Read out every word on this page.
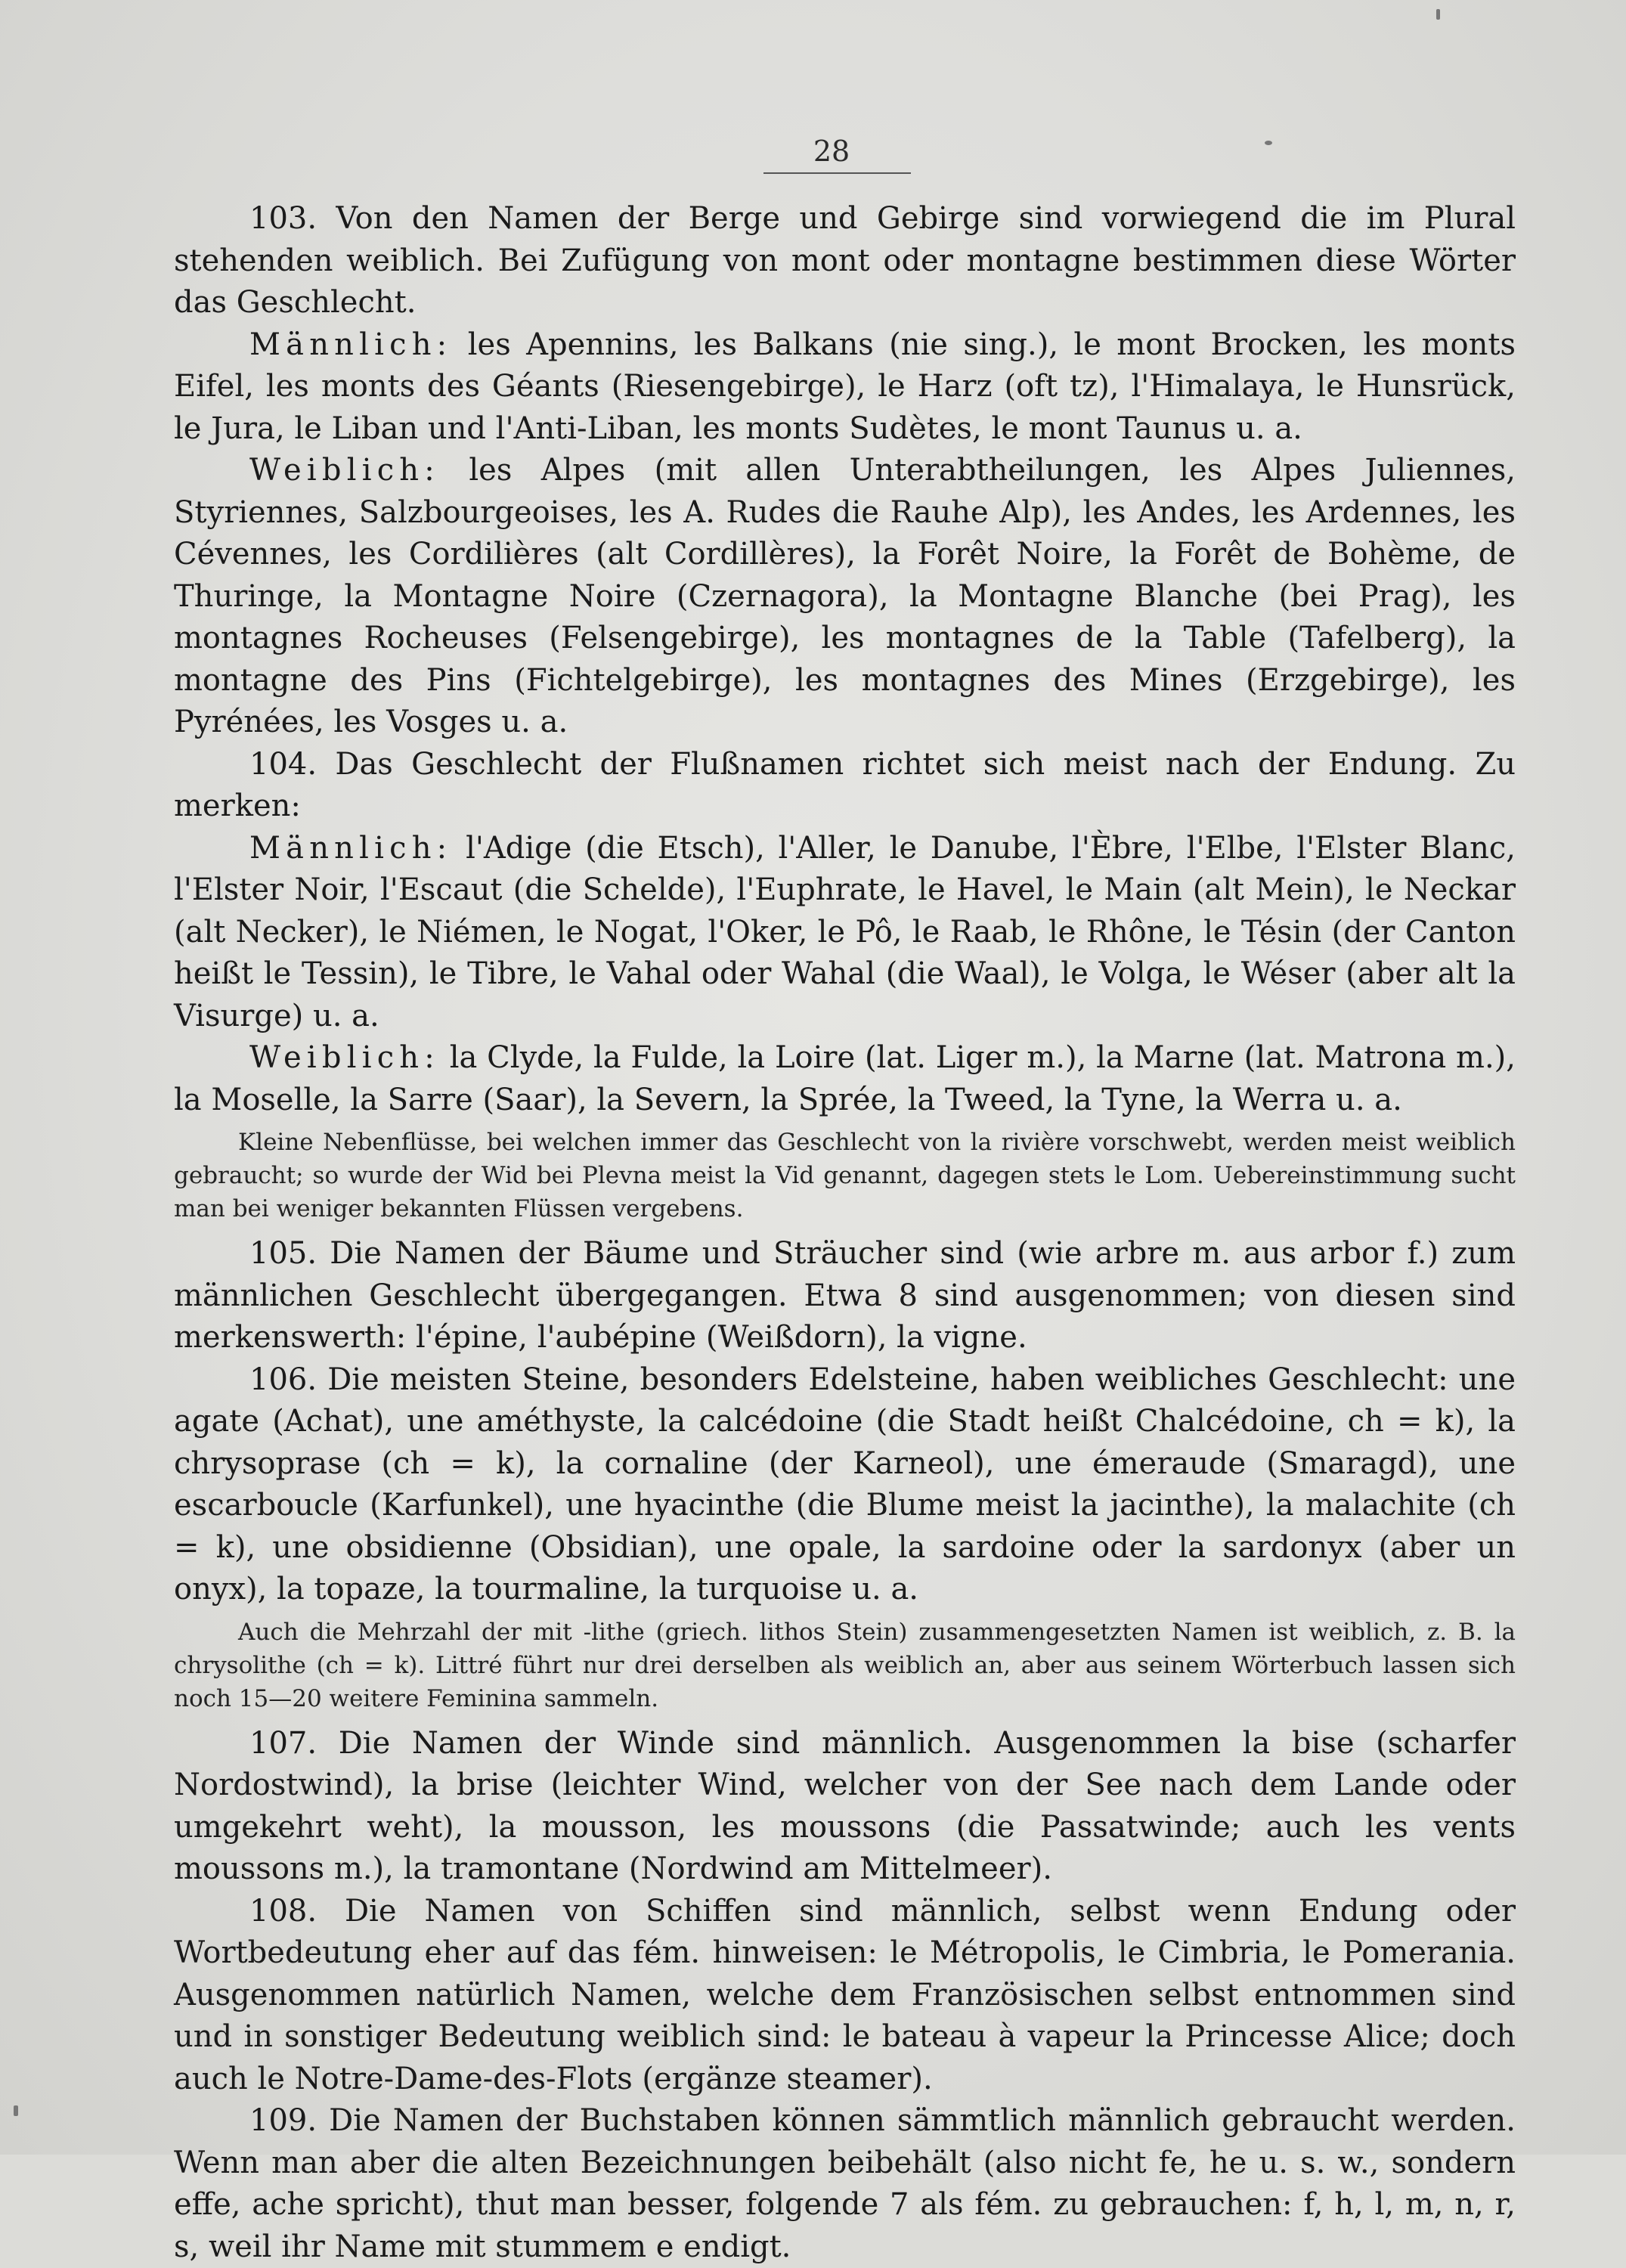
28

103. Von den Namen der Berge und Gebirge sind vorwiegend die im Plural stehenden weiblich. Bei Zufügung von mont oder montagne bestimmen diese Wörter das Geschlecht.

Männlich: les Apennins, les Balkans (nie sing.), le mont Brocken, les monts Eifel, les monts des Géants (Riesengebirge), le Harz (oft tz), l'Himalaya, le Hunsrück, le Jura, le Liban und l'Anti-Liban, les monts Sudètes, le mont Taunus u. a.

Weiblich: les Alpes (mit allen Unterabtheilungen, les Alpes Juliennes, Styriennes, Salzbourgeoises, les A. Rudes die Rauhe Alp), les Andes, les Ardennes, les Cévennes, les Cordilières (alt Cordillères), la Forêt Noire, la Forêt de Bohème, de Thuringe, la Montagne Noire (Czernagora), la Montagne Blanche (bei Prag), les montagnes Rocheuses (Felsengebirge), les montagnes de la Table (Tafelberg), la montagne des Pins (Fichtelgebirge), les montagnes des Mines (Erzgebirge), les Pyrénées, les Vosges u. a.

104. Das Geschlecht der Flußnamen richtet sich meist nach der Endung. Zu merken:

Männlich: l'Adige (die Etsch), l'Aller, le Danube, l'Èbre, l'Elbe, l'Elster Blanc, l'Elster Noir, l'Escaut (die Schelde), l'Euphrate, le Havel, le Main (alt Mein), le Neckar (alt Necker), le Niémen, le Nogat, l'Oker, le Pô, le Raab, le Rhône, le Tésin (der Canton heißt le Tessin), le Tibre, le Vahal oder Wahal (die Waal), le Volga, le Wéser (aber alt la Visurge) u. a.

Weiblich: la Clyde, la Fulde, la Loire (lat. Liger m.), la Marne (lat. Matrona m.), la Moselle, la Sarre (Saar), la Severn, la Sprée, la Tweed, la Tyne, la Werra u. a.

Kleine Nebenflüsse, bei welchen immer das Geschlecht von la rivière vorschwebt, werden meist weiblich gebraucht; so wurde der Wid bei Plevna meist la Vid genannt, dagegen stets le Lom. Uebereinstimmung sucht man bei weniger bekannten Flüssen vergebens.

105. Die Namen der Bäume und Sträucher sind (wie arbre m. aus arbor f.) zum männlichen Geschlecht übergegangen. Etwa 8 sind ausgenommen; von diesen sind merkenswerth: l'épine, l'aubépine (Weißdorn), la vigne.

106. Die meisten Steine, besonders Edelsteine, haben weibliches Geschlecht: une agate (Achat), une améthyste, la calcédoine (die Stadt heißt Chalcédoine, ch = k), la chrysoprase (ch = k), la cornaline (der Karneol), une émeraude (Smaragd), une escarboucle (Karfunkel), une hyacinthe (die Blume meist la jacinthe), la malachite (ch = k), une obsidienne (Obsidian), une opale, la sardoine oder la sardonyx (aber un onyx), la topaze, la tourmaline, la turquoise u. a.

Auch die Mehrzahl der mit -lithe (griech. lithos Stein) zusammengesetzten Namen ist weiblich, z. B. la chrysolithe (ch = k). Littré führt nur drei derselben als weiblich an, aber aus seinem Wörterbuch lassen sich noch 15—20 weitere Feminina sammeln.

107. Die Namen der Winde sind männlich. Ausgenommen la bise (scharfer Nordostwind), la brise (leichter Wind, welcher von der See nach dem Lande oder umgekehrt weht), la mousson, les moussons (die Passatwinde; auch les vents moussons m.), la tramontane (Nordwind am Mittelmeer).

108. Die Namen von Schiffen sind männlich, selbst wenn Endung oder Wortbedeutung eher auf das fém. hinweisen: le Métropolis, le Cimbria, le Pomerania. Ausgenommen natürlich Namen, welche dem Französischen selbst entnommen sind und in sonstiger Bedeutung weiblich sind: le bateau à vapeur la Princesse Alice; doch auch le Notre-Dame-des-Flots (ergänze steamer).

109. Die Namen der Buchstaben können sämmtlich männlich gebraucht werden. Wenn man aber die alten Bezeichnungen beibehält (also nicht fe, he u. s. w., sondern effe, ache spricht), thut man besser, folgende 7 als fém. zu gebrauchen: f, h, l, m, n, r, s, weil ihr Name mit stummem e endigt.
